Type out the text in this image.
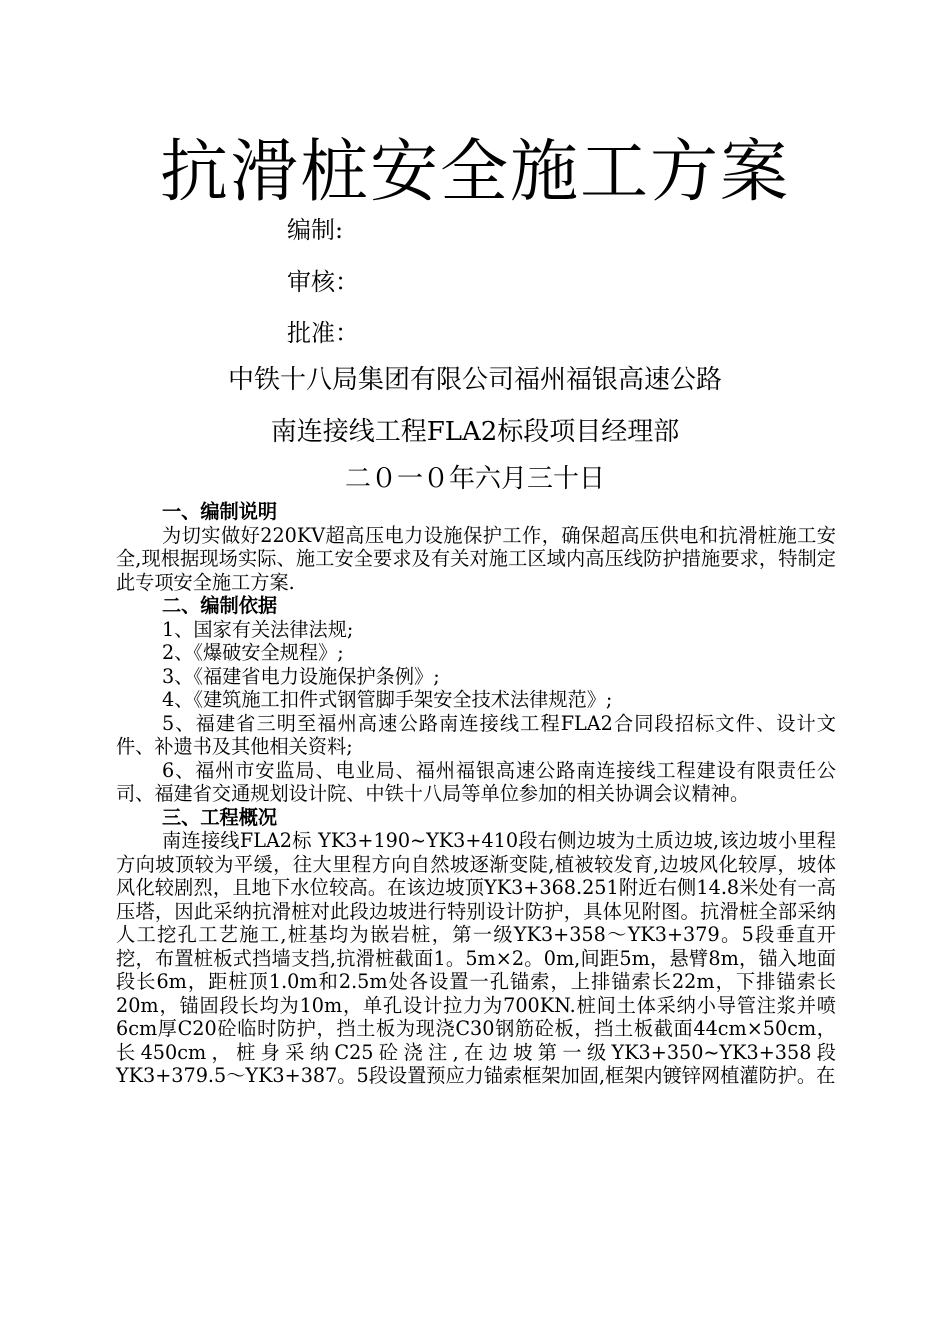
抗滑桩安全施工方案
编制:
审核：
批准：
中铁十八局集团有限公司福州福银高速公路
南连接线工程FLA2标段项目经理部
二０一０年六月三十日

一、编制说明

为切实做好220KV超高压电力设施保护工作，确保超高压供电和抗滑桩施工安全,现根据现场实际、施工安全要求及有关对施工区域内高压线防护措施要求，特制定此专项安全施工方案.

二、编制依据

1、国家有关法律法规;

2、《爆破安全规程》;

3、《福建省电力设施保护条例》;

4、《建筑施工扣件式钢管脚手架安全技术法律规范》;

5、福建省三明至福州高速公路南连接线工程FLA2合同段招标文件、设计文件、补遗书及其他相关资料;

6、福州市安监局、电业局、福州福银高速公路南连接线工程建设有限责任公司、福建省交通规划设计院、中铁十八局等单位参加的相关协调会议精神。

三、工程概况

南连接线FLA2标 YK3+190~YK3+410段右侧边坡为土质边坡,该边坡小里程方向坡顶较为平缓，往大里程方向自然坡逐渐变陡,植被较发育,边坡风化较厚，坡体风化较剧烈，且地下水位较高。在该边坡顶YK3+368.251附近右侧14.8米处有一高压塔，因此采纳抗滑桩对此段边坡进行特别设计防护，具体见附图。抗滑桩全部采纳人工挖孔工艺施工,桩基均为嵌岩桩，第一级YK3+358～YK3+379。5段垂直开挖，布置桩板式挡墙支挡,抗滑桩截面1。5m×2。0m,间距5m，悬臂8m，锚入地面段长6m，距桩顶1.0m和2.5m处各设置一孔锚索，上排锚索长22m，下排锚索长20m，锚固段长均为10m，单孔设计拉力为700KN.桩间土体采纳小导管注浆并喷6cm厚C20砼临时防护，挡土板为现浇C30钢筋砼板，挡土板截面44cm×50cm，长450cm，桩身采纳C25砼浇注,在边坡第一级YK3+350~YK3+358段YK3+379.5～YK3+387。5段设置预应力锚索框架加固,框架内镀锌网植灌防护。在
